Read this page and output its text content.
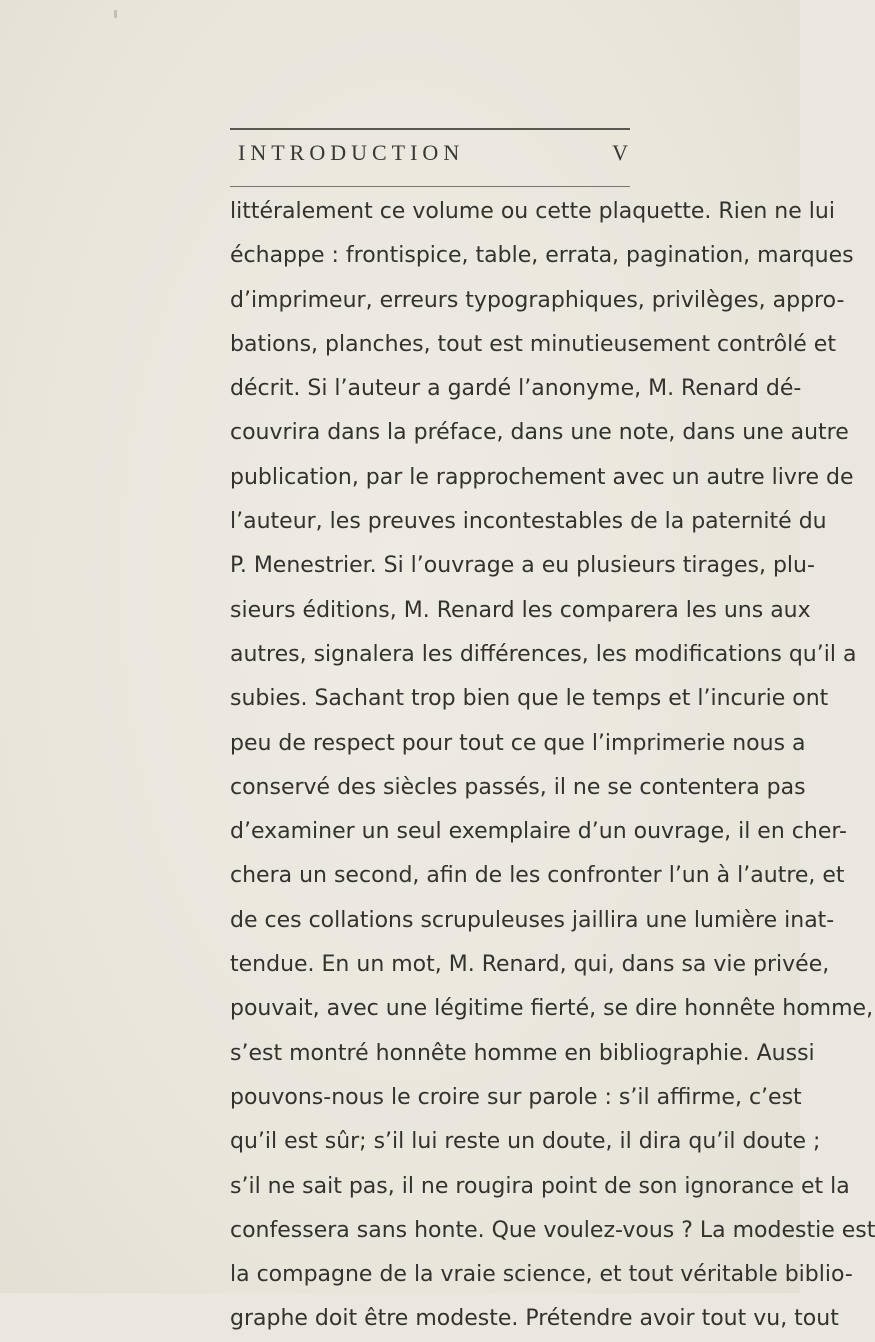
INTRODUCTION	V
littéralement ce volume ou cette plaquette. Rien ne lui
échappe : frontispice, table, errata, pagination, marques
d’imprimeur, erreurs typographiques, privilèges, appro-
bations, planches, tout est minutieusement contrôlé et
décrit. Si l’auteur a gardé l’anonyme, M. Renard dé-
couvrira dans la préface, dans une note, dans une autre
publication, par le rapprochement avec un autre livre de
l’auteur, les preuves incontestables de la paternité du
P. Menestrier. Si l’ouvrage a eu plusieurs tirages, plu-
sieurs éditions, M. Renard les comparera les uns aux
autres, signalera les différences, les modifications qu’il a
subies. Sachant trop bien que le temps et l’incurie ont
peu de respect pour tout ce que l’imprimerie nous a
conservé des siècles passés, il ne se contentera pas
d’examiner un seul exemplaire d’un ouvrage, il en cher-
chera un second, afin de les confronter l’un à l’autre, et
de ces collations scrupuleuses jaillira une lumière inat-
tendue. En un mot, M. Renard, qui, dans sa vie privée,
pouvait, avec une légitime fierté, se dire honnête homme,
s’est montré honnête homme en bibliographie. Aussi
pouvons-nous le croire sur parole : s’il affirme, c’est
qu’il est sûr; s’il lui reste un doute, il dira qu’il doute ;
s’il ne sait pas, il ne rougira point de son ignorance et la
confessera sans honte. Que voulez-vous ? La modestie est
la compagne de la vraie science, et tout véritable biblio-
graphe doit être modeste. Prétendre avoir tout vu, tout
